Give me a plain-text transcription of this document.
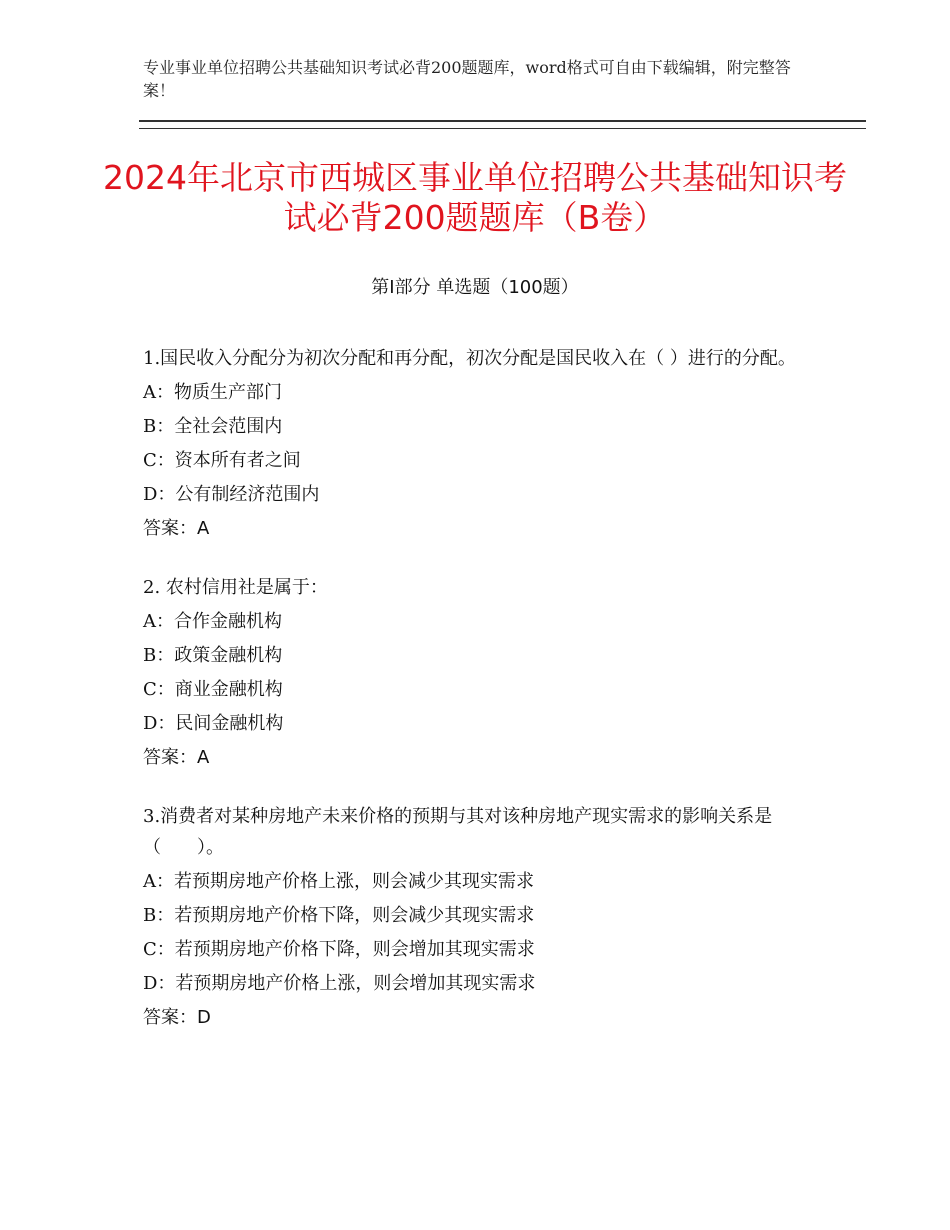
专业事业单位招聘公共基础知识考试必背200题题库，word格式可自由下载编辑，附完整答案！
2024年北京市西城区事业单位招聘公共基础知识考试必背200题题库（B卷）
第Ⅰ部分 单选题（100题）
1.国民收入分配分为初次分配和再分配，初次分配是国民收入在（ ）进行的分配。
A：物质生产部门
B：全社会范围内
C：资本所有者之间
D：公有制经济范围内
答案：A
2. 农村信用社是属于：
A：合作金融机构
B：政策金融机构
C：商业金融机构
D：民间金融机构
答案：A
3.消费者对某种房地产未来价格的预期与其对该种房地产现实需求的影响关系是（　　）。
A：若预期房地产价格上涨，则会减少其现实需求
B：若预期房地产价格下降，则会减少其现实需求
C：若预期房地产价格下降，则会增加其现实需求
D：若预期房地产价格上涨，则会增加其现实需求
答案：D
